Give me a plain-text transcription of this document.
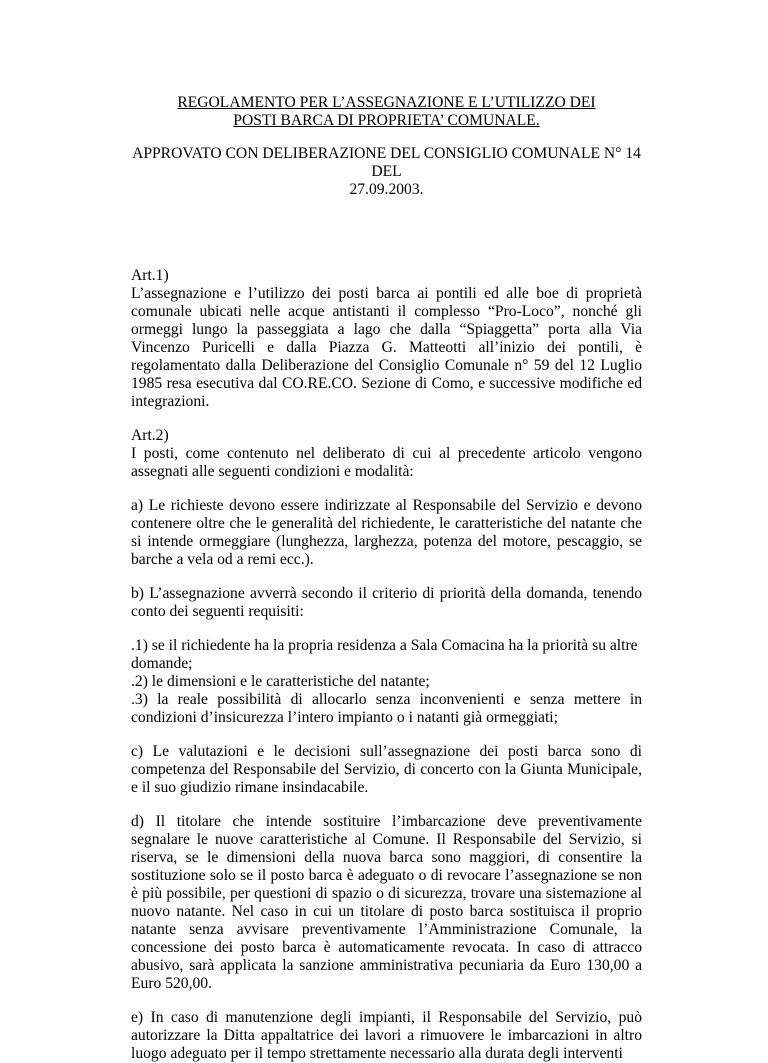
REGOLAMENTO PER L’ASSEGNAZIONE E L’UTILIZZO DEI

POSTI BARCA DI PROPRIETA’ COMUNALE.

APPROVATO CON DELIBERAZIONE DEL CONSIGLIO COMUNALE N° 14 DEL

27.09.2003.

Art.1)

L’assegnazione e l’utilizzo dei posti barca ai pontili ed alle boe di proprietà comunale ubicati nelle acque antistanti il complesso “Pro-Loco”, nonché gli ormeggi lungo la passeggiata a lago che dalla “Spiaggetta” porta alla Via Vincenzo Puricelli e dalla Piazza G. Matteotti all’inizio dei pontili, è regolamentato dalla Deliberazione del Consiglio Comunale n° 59 del 12 Luglio 1985 resa esecutiva dal CO.RE.CO. Sezione di Como, e successive modifiche ed integrazioni.

Art.2)

I posti, come contenuto nel deliberato di cui al precedente articolo vengono assegnati alle seguenti condizioni e modalità:

a) Le richieste devono essere indirizzate al Responsabile del Servizio e devono contenere oltre che le generalità del richiedente, le caratteristiche del natante che si intende ormeggiare (lunghezza, larghezza, potenza del motore, pescaggio, se barche a vela od a remi ecc.).

b) L’assegnazione avverrà secondo il criterio di priorità della domanda, tenendo conto dei seguenti requisiti:

.1) se il richiedente ha la propria residenza a Sala Comacina ha la priorità su altre domande;

.2) le dimensioni e le caratteristiche del natante;

.3) la reale possibilità di allocarlo senza inconvenienti e senza mettere in condizioni d’insicurezza l’intero impianto o i natanti già ormeggiati;

c) Le valutazioni e le decisioni sull’assegnazione dei posti barca sono di competenza del Responsabile del Servizio, di concerto con la Giunta Municipale, e il suo giudizio rimane insindacabile.

d) Il titolare che intende sostituire l’imbarcazione deve preventivamente segnalare le nuove caratteristiche al Comune. Il Responsabile del Servizio, si riserva, se le dimensioni della nuova barca sono maggiori, di consentire la sostituzione solo se il posto barca è adeguato o di revocare l’assegnazione se non è più possibile, per questioni di spazio o di sicurezza, trovare una sistemazione al nuovo natante. Nel caso in cui un titolare di posto barca sostituisca il proprio natante senza avvisare preventivamente l’Amministrazione Comunale, la concessione dei posto barca è automaticamente revocata. In caso di attracco abusivo, sarà applicata la sanzione amministrativa pecuniaria da Euro 130,00 a Euro 520,00.

e) In caso di manutenzione degli impianti, il Responsabile del Servizio, può autorizzare la Ditta appaltatrice dei lavori a rimuovere le imbarcazioni in altro luogo adeguato per il tempo strettamente necessario alla durata degli interventi
